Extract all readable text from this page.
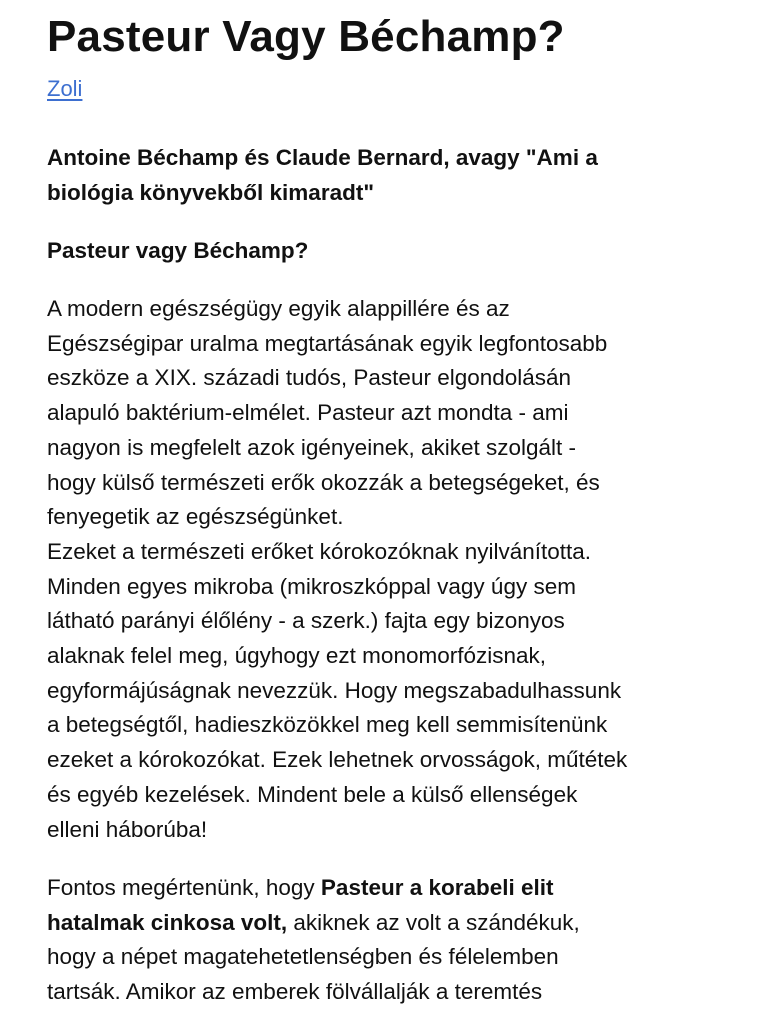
Pasteur Vagy Béchamp?
Zoli

Antoine Béchamp és Claude Bernard, avagy "Ami a
biológia könyvekből kimaradt"

Pasteur vagy Béchamp?

A modern egészségügy egyik alappillére és az
Egészségipar uralma megtartásának egyik legfontosabb
eszköze a XIX. századi tudós, Pasteur elgondolásán
alapuló baktérium-elmélet. Pasteur azt mondta - ami
nagyon is megfelelt azok igényeinek, akiket szolgált -
hogy külső természeti erők okozzák a betegségeket, és
fenyegetik az egészségünket.
Ezeket a természeti erőket kórokozóknak nyilvánította.
Minden egyes mikroba (mikroszkóppal vagy úgy sem
látható parányi élőlény - a szerk.) fajta egy bizonyos
alaknak felel meg, úgyhogy ezt monomorfózisnak,
egyformájúságnak nevezzük. Hogy megszabadulhassunk
a betegségtől, hadieszközökkel meg kell semmisítenünk
ezeket a kórokozókat. Ezek lehetnek orvosságok, műtétek
és egyéb kezelések. Mindent bele a külső ellenségek
elleni háborúba!

Fontos megértenünk, hogy Pasteur a korabeli elit
hatalmak cinkosa volt, akiknek az volt a szándékuk,
hogy a népet magatehetetlenségben és félelemben
tartsák. Amikor az emberek fölvállalják a teremtés
